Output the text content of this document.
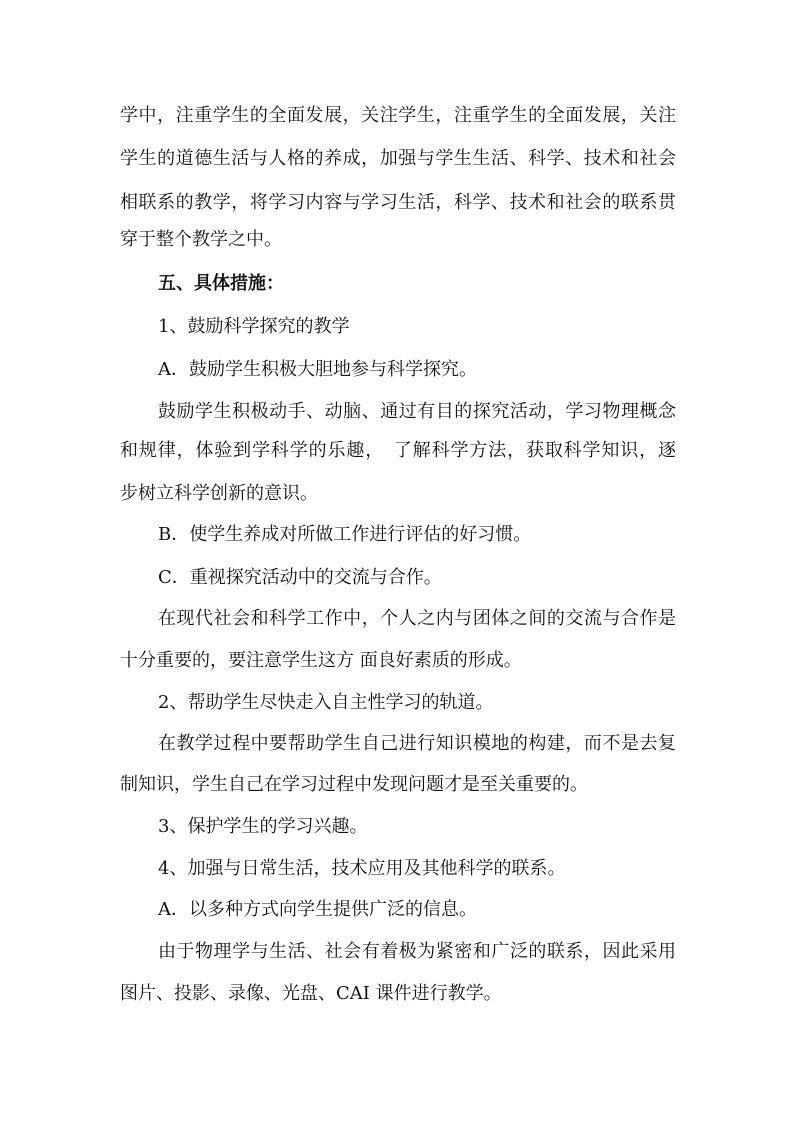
学中，注重学生的全面发展，关注学生，注重学生的全面发展，关注
学生的道德生活与人格的养成，加强与学生生活、科学、技术和社会
相联系的教学，将学习内容与学习生活，科学、技术和社会的联系贯
穿于整个教学之中。
五、具体措施：
1、鼓励科学探究的教学
A．鼓励学生积极大胆地参与科学探究。
鼓励学生积极动手、动脑、通过有目的探究活动，学习物理概念
和规律，体验到学科学的乐趣，　了解科学方法，获取科学知识，逐
步树立科学创新的意识。
B．使学生养成对所做工作进行评估的好习惯。
C．重视探究活动中的交流与合作。
在现代社会和科学工作中，个人之内与团体之间的交流与合作是
十分重要的，要注意学生这方 面良好素质的形成。
2、帮助学生尽快走入自主性学习的轨道。
在教学过程中要帮助学生自己进行知识模地的构建，而不是去复
制知识，学生自己在学习过程中发现问题才是至关重要的。
3、保护学生的学习兴趣。
4、加强与日常生活，技术应用及其他科学的联系。
A．以多种方式向学生提供广泛的信息。
由于物理学与生活、社会有着极为紧密和广泛的联系，因此采用
图片、投影、录像、光盘、CAI 课件进行教学。
